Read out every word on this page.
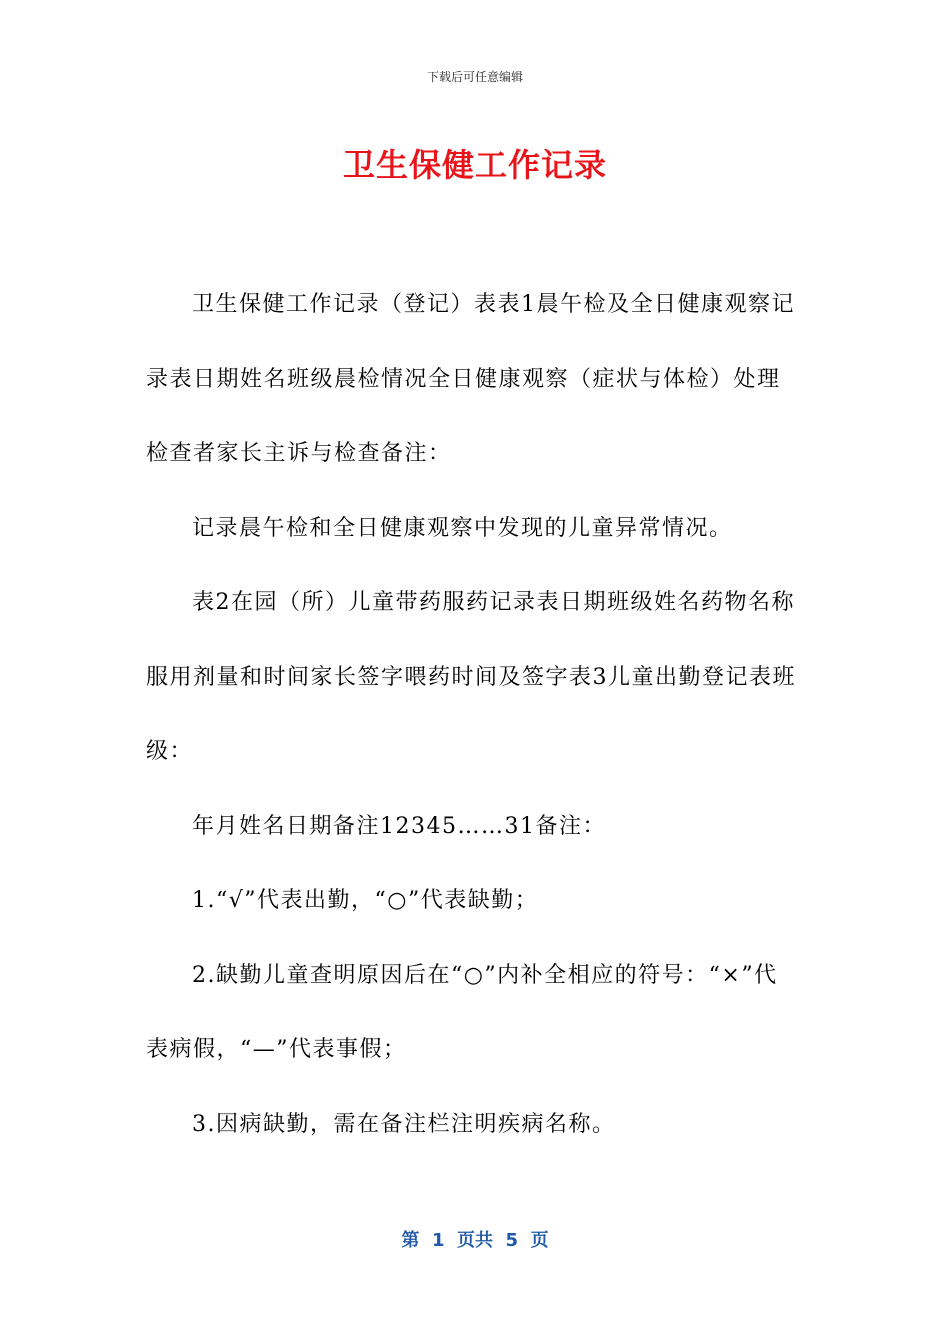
下载后可任意编辑
卫生保健工作记录

卫生保健工作记录（登记）表表1晨午检及全日健康观察记录表日期姓名班级晨检情况全日健康观察（症状与体检）处理检查者家长主诉与检查备注：

记录晨午检和全日健康观察中发现的儿童异常情况。

表2在园（所）儿童带药服药记录表日期班级姓名药物名称服用剂量和时间家长签字喂药时间及签字表3儿童出勤登记表班级：

年月姓名日期备注12345……31备注：

1.“√”代表出勤，“○”代表缺勤；

2.缺勤儿童查明原因后在“○”内补全相应的符号：“×”代表病假，“—”代表事假；

3.因病缺勤，需在备注栏注明疾病名称。

第  1  页共  5  页
